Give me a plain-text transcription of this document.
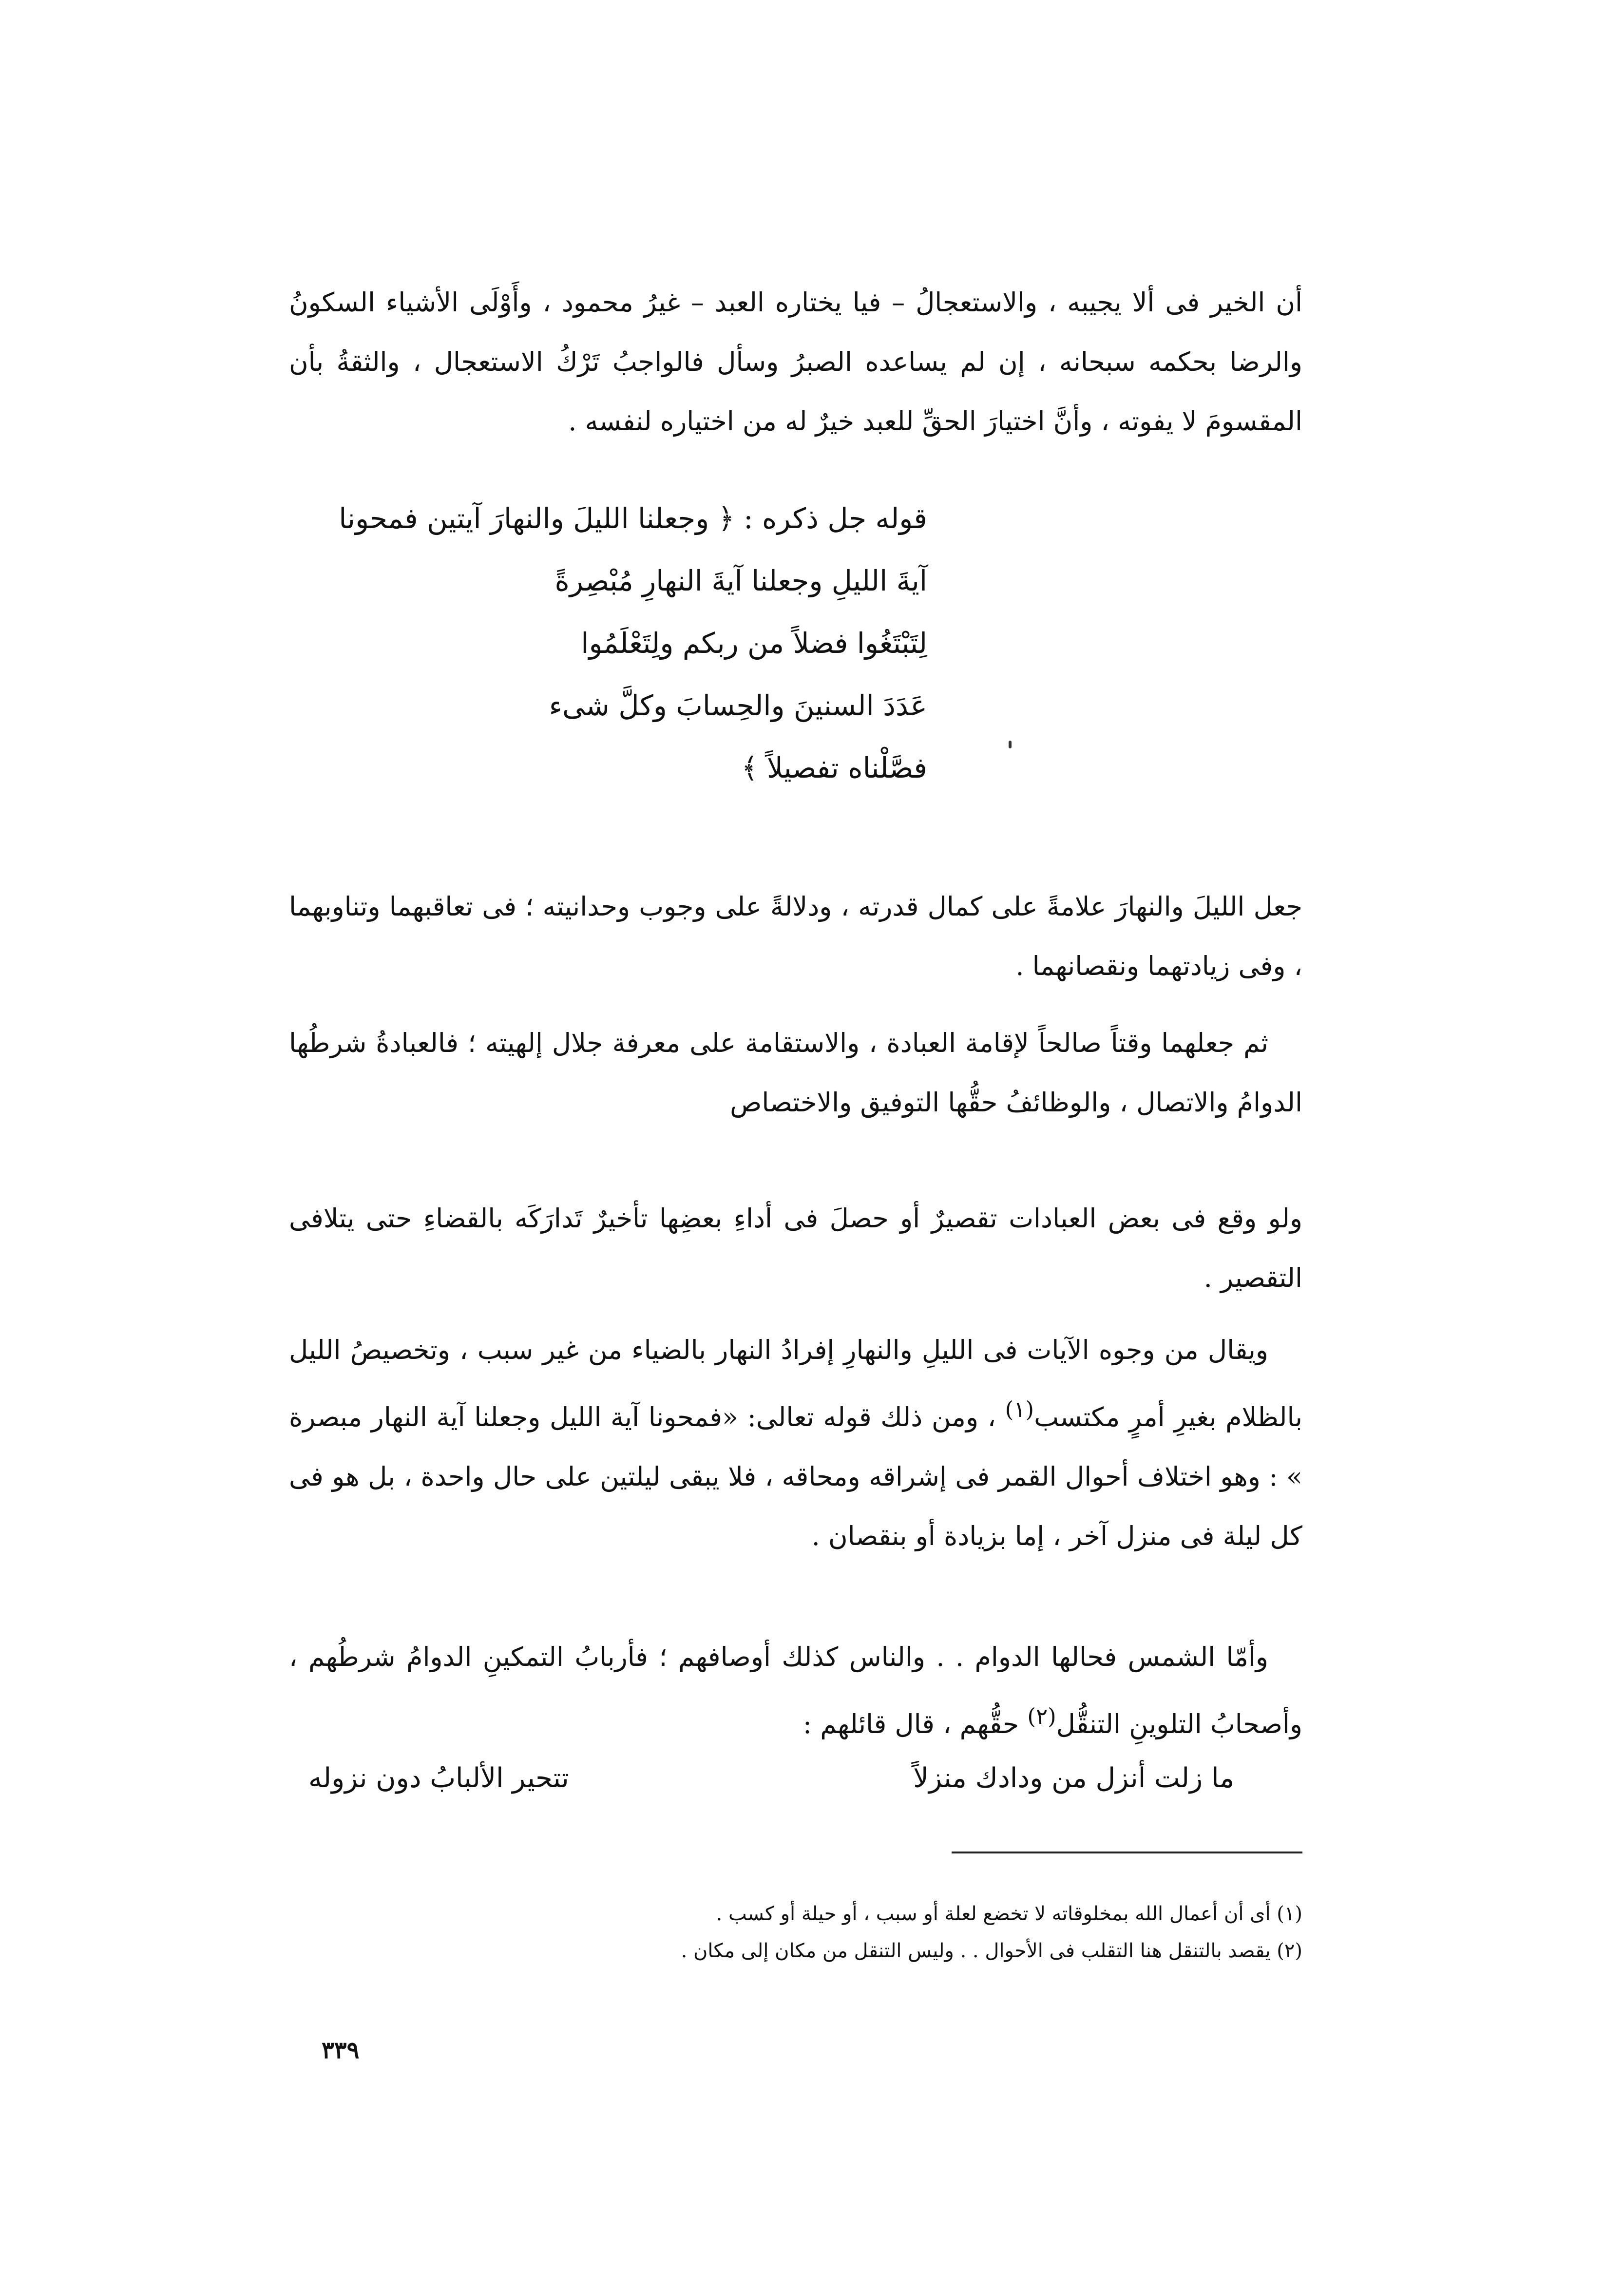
أن الخير فى ألا يجيبه ، والاستعجالُ – فيا يختاره العبد – غيرُ محمود ، وأَوْلَى الأشياء السكونُ والرضا بحكمه سبحانه ، إن لم يساعده الصبرُ وسأل فالواجبُ تَرْكُ الاستعجال ، والثقةُ بأن المقسومَ لا يفوته ، وأنَّ اختيارَ الحقِّ للعبد خيرٌ له من اختياره لنفسه .

قوله جل ذكره : ﴿ وجعلنا الليلَ والنهارَ آيتين فمحونا
آيةَ الليلِ وجعلنا آيةَ النهارِ مُبْصِرةً
لِتَبْتَغُوا فضلاً من ربكم ولِتَعْلَمُوا
عَدَدَ السنينَ والحِسابَ وكلَّ شىء
فصَّلْناه تفصيلاً ﴾

جعل الليلَ والنهارَ علامةً على كمال قدرته ، ودلالةً على وجوب وحدانيته ؛ فى تعاقبهما وتناوبهما ، وفى زيادتهما ونقصانهما .

ثم جعلهما وقتاً صالحاً لإقامة العبادة ، والاستقامة على معرفة جلال إلهيته ؛ فالعبادةُ شرطُها الدوامُ والاتصال ، والوظائفُ حقُّها التوفيق والاختصاص

ولو وقع فى بعض العبادات تقصيرٌ أو حصلَ فى أداءِ بعضِها تأخيرٌ تَدارَكَه بالقضاءِ حتى يتلافى التقصير .

ويقال من وجوه الآيات فى الليلِ والنهارِ إفرادُ النهار بالضياء من غير سبب ، وتخصيصُ الليل بالظلام بغيرِ أمرٍ مكتسب$^{(١)}$ ، ومن ذلك قوله تعالى: «فمحونا آية الليل وجعلنا آية النهار مبصرة » : وهو اختلاف أحوال القمر فى إشراقه ومحاقه ، فلا يبقى ليلتين على حال واحدة ، بل هو فى كل ليلة فى منزل آخر ، إما بزيادة أو بنقصان .

وأمّا الشمس فحالها الدوام . . والناس كذلك أوصافهم ؛ فأربابُ التمكينِ الدوامُ شرطُهم ، وأصحابُ التلوينِ التنقُّل$^{(٢)}$ حقُّهم ، قال قائلهم :

ما زلت أنزل من ودادك منزلاً
تتحير الألبابُ دون نزوله

(١) أى أن أعمال الله بمخلوقاته لا تخضع لعلة أو سبب ، أو حيلة أو كسب .

(٢) يقصد بالتنقل هنا التقلب فى الأحوال . . وليس التنقل من مكان إلى مكان .

٣٣٩
